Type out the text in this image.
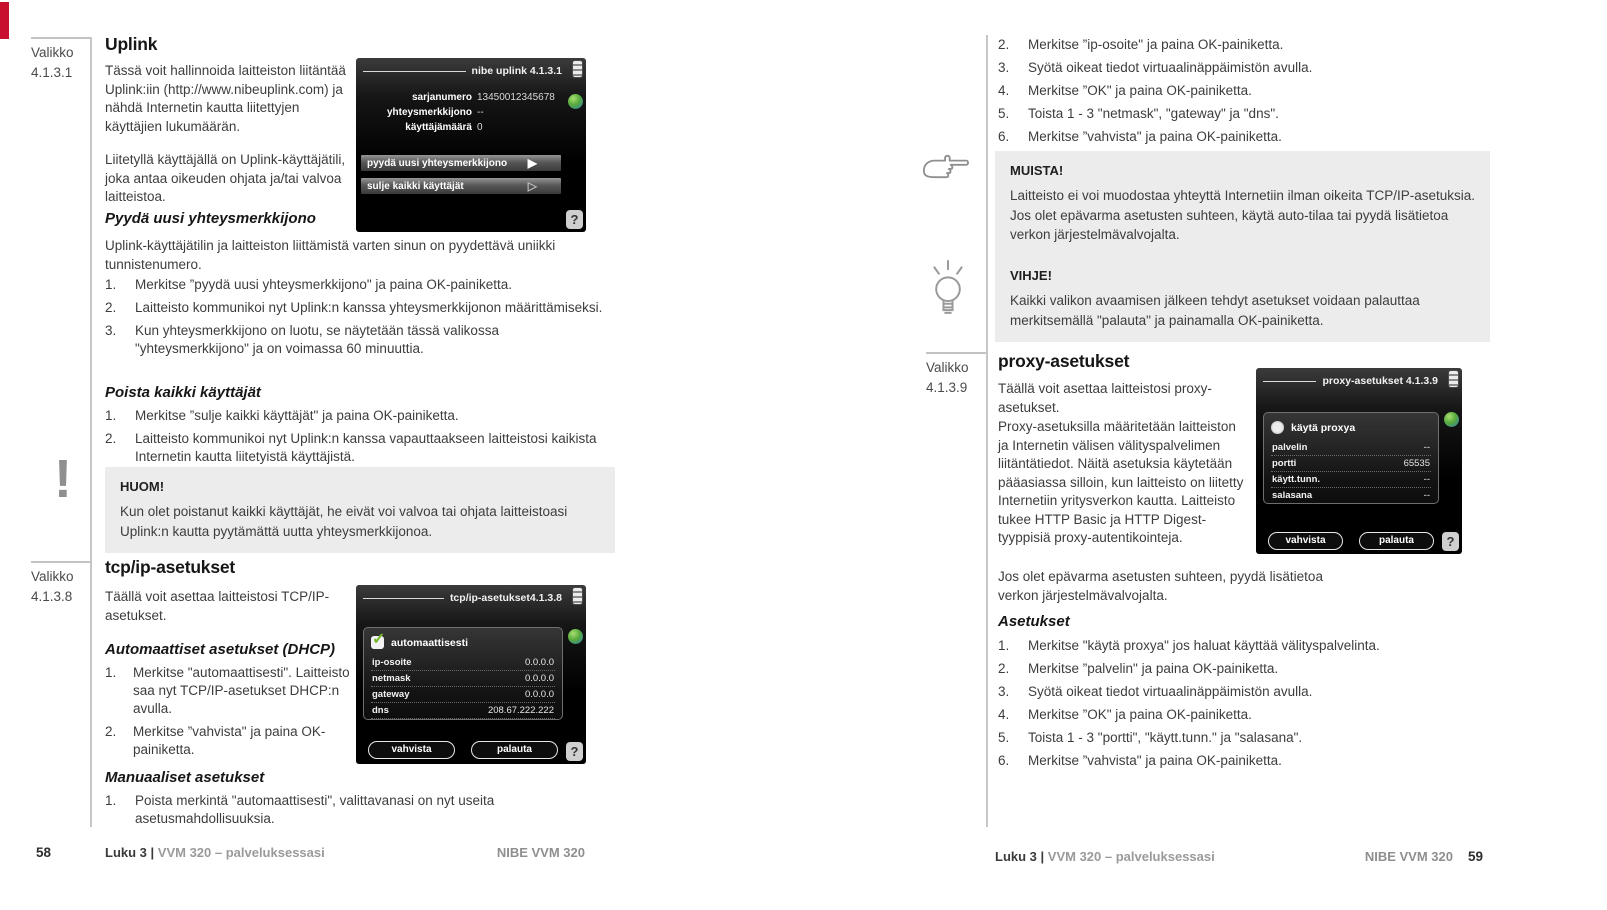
Valikko
4.1.3.1
Uplink

Tässä voit hallinnoida laitteiston liitäntää Uplink:iin (http://www.nibeuplink.com) ja nähdä Internetin kautta liitettyjen käyttäjien lukumäärän.

Liitetyllä käyttäjällä on Uplink-käyttäjätili, joka antaa oikeuden ohjata ja/tai valvoa laitteistoa.

nibe uplink 4.1.3.1
sarjanumero 13450012345678
yhteysmerkkijono --
käyttäjämäärä 0
pyydä uusi yhteysmerkkijono ▶
sulje kaikki käyttäjät	▷
?
Pyydä uusi yhteysmerkkijono

Uplink-käyttäjätilin ja laitteiston liittämistä varten sinun on pyydettävä uniikki tunnistenumero.

1.	Merkitse ”pyydä uusi yhteysmerkkijono" ja paina OK-painiketta.
2.	Laitteisto kommunikoi nyt Uplink:n kanssa yhteysmerkkijonon määrittämiseksi.
3.	Kun yhteysmerkkijono on luotu, se näytetään tässä valikossa "yhteysmerkkijono" ja on voimassa 60 minuuttia.
Poista kaikki käyttäjät
1.	Merkitse ”sulje kaikki käyttäjät" ja paina OK-painiketta.
2.	Laitteisto kommunikoi nyt Uplink:n kanssa vapauttaakseen laitteistosi kaikista Internetin kautta liitetyistä käyttäjistä.
!	HUOM!
Kun olet poistanut kaikki käyttäjät, he eivät voi valvoa tai ohjata laitteistoasi Uplink:n kautta pyytämättä uutta yhteysmerkkijonoa.
Valikko
4.1.3.8
tcp/ip-asetukset

Täällä voit asettaa laitteistosi TCP/IP-asetukset.

tcp/ip-asetukset4.1.3.8
✓
automaattisesti
ip-osoite	0.0.0.0
netmask	0.0.0.0
gateway	0.0.0.0
dns	208.67.222.222
vahvista	palauta	?
Automaattiset asetukset (DHCP)
1.	Merkitse "automaattisesti". Laitteisto saa nyt TCP/IP-asetukset DHCP:n avulla.
2.	Merkitse ”vahvista" ja paina OK-painiketta.
Manuaaliset asetukset
1.	Poista merkintä "automaattisesti", valittavanasi on nyt useita asetusmahdollisuuksia.
58	Luku 3 | VVM 320 – palveluksessasi	NIBE VVM 320
2.	Merkitse ”ip-osoite" ja paina OK-painiketta.
3.	Syötä oikeat tiedot virtuaalinäppäimistön avulla.
4.	Merkitse ”OK" ja paina OK-painiketta.
5.	Toista 1 - 3 "netmask", "gateway" ja "dns".
6.	Merkitse ”vahvista" ja paina OK-painiketta.
MUISTA!
Laitteisto ei voi muodostaa yhteyttä Internetiin ilman oikeita TCP/IP-asetuksia. Jos olet epävarma asetusten suhteen, käytä auto-tilaa tai pyydä lisätietoa verkon järjestelmävalvojalta.
VIHJE!
Kaikki valikon avaamisen jälkeen tehdyt asetukset voidaan palauttaa merkitsemällä "palauta" ja painamalla OK-painiketta.
Valikko
4.1.3.9
proxy-asetukset

Täällä voit asettaa laitteistosi proxy-asetukset.

Proxy-asetuksilla määritetään laitteiston ja Internetin välisen välityspalvelimen liitäntätiedot. Näitä asetuksia käytetään pääasiassa silloin, kun laitteisto on liitetty Internetiin yritysverkon kautta. Laitteisto tukee HTTP Basic ja HTTP Digest-tyyppisiä proxy-autentikointeja.

proxy-asetukset 4.1.3.9
käytä proxya
palvelin	--
portti	65535
käytt.tunn.	--
salasana	--
vahvista	palauta	?

Jos olet epävarma asetusten suhteen, pyydä lisätietoa verkon järjestelmävalvojalta.

Asetukset
1.	Merkitse "käytä proxya" jos haluat käyttää välityspalvelinta.
2.	Merkitse ”palvelin" ja paina OK-painiketta.
3.	Syötä oikeat tiedot virtuaalinäppäimistön avulla.
4.	Merkitse ”OK" ja paina OK-painiketta.
5.	Toista 1 - 3 "portti", "käytt.tunn." ja "salasana".
6.	Merkitse ”vahvista" ja paina OK-painiketta.
Luku 3 | VVM 320 – palveluksessasi	NIBE VVM 320 59
